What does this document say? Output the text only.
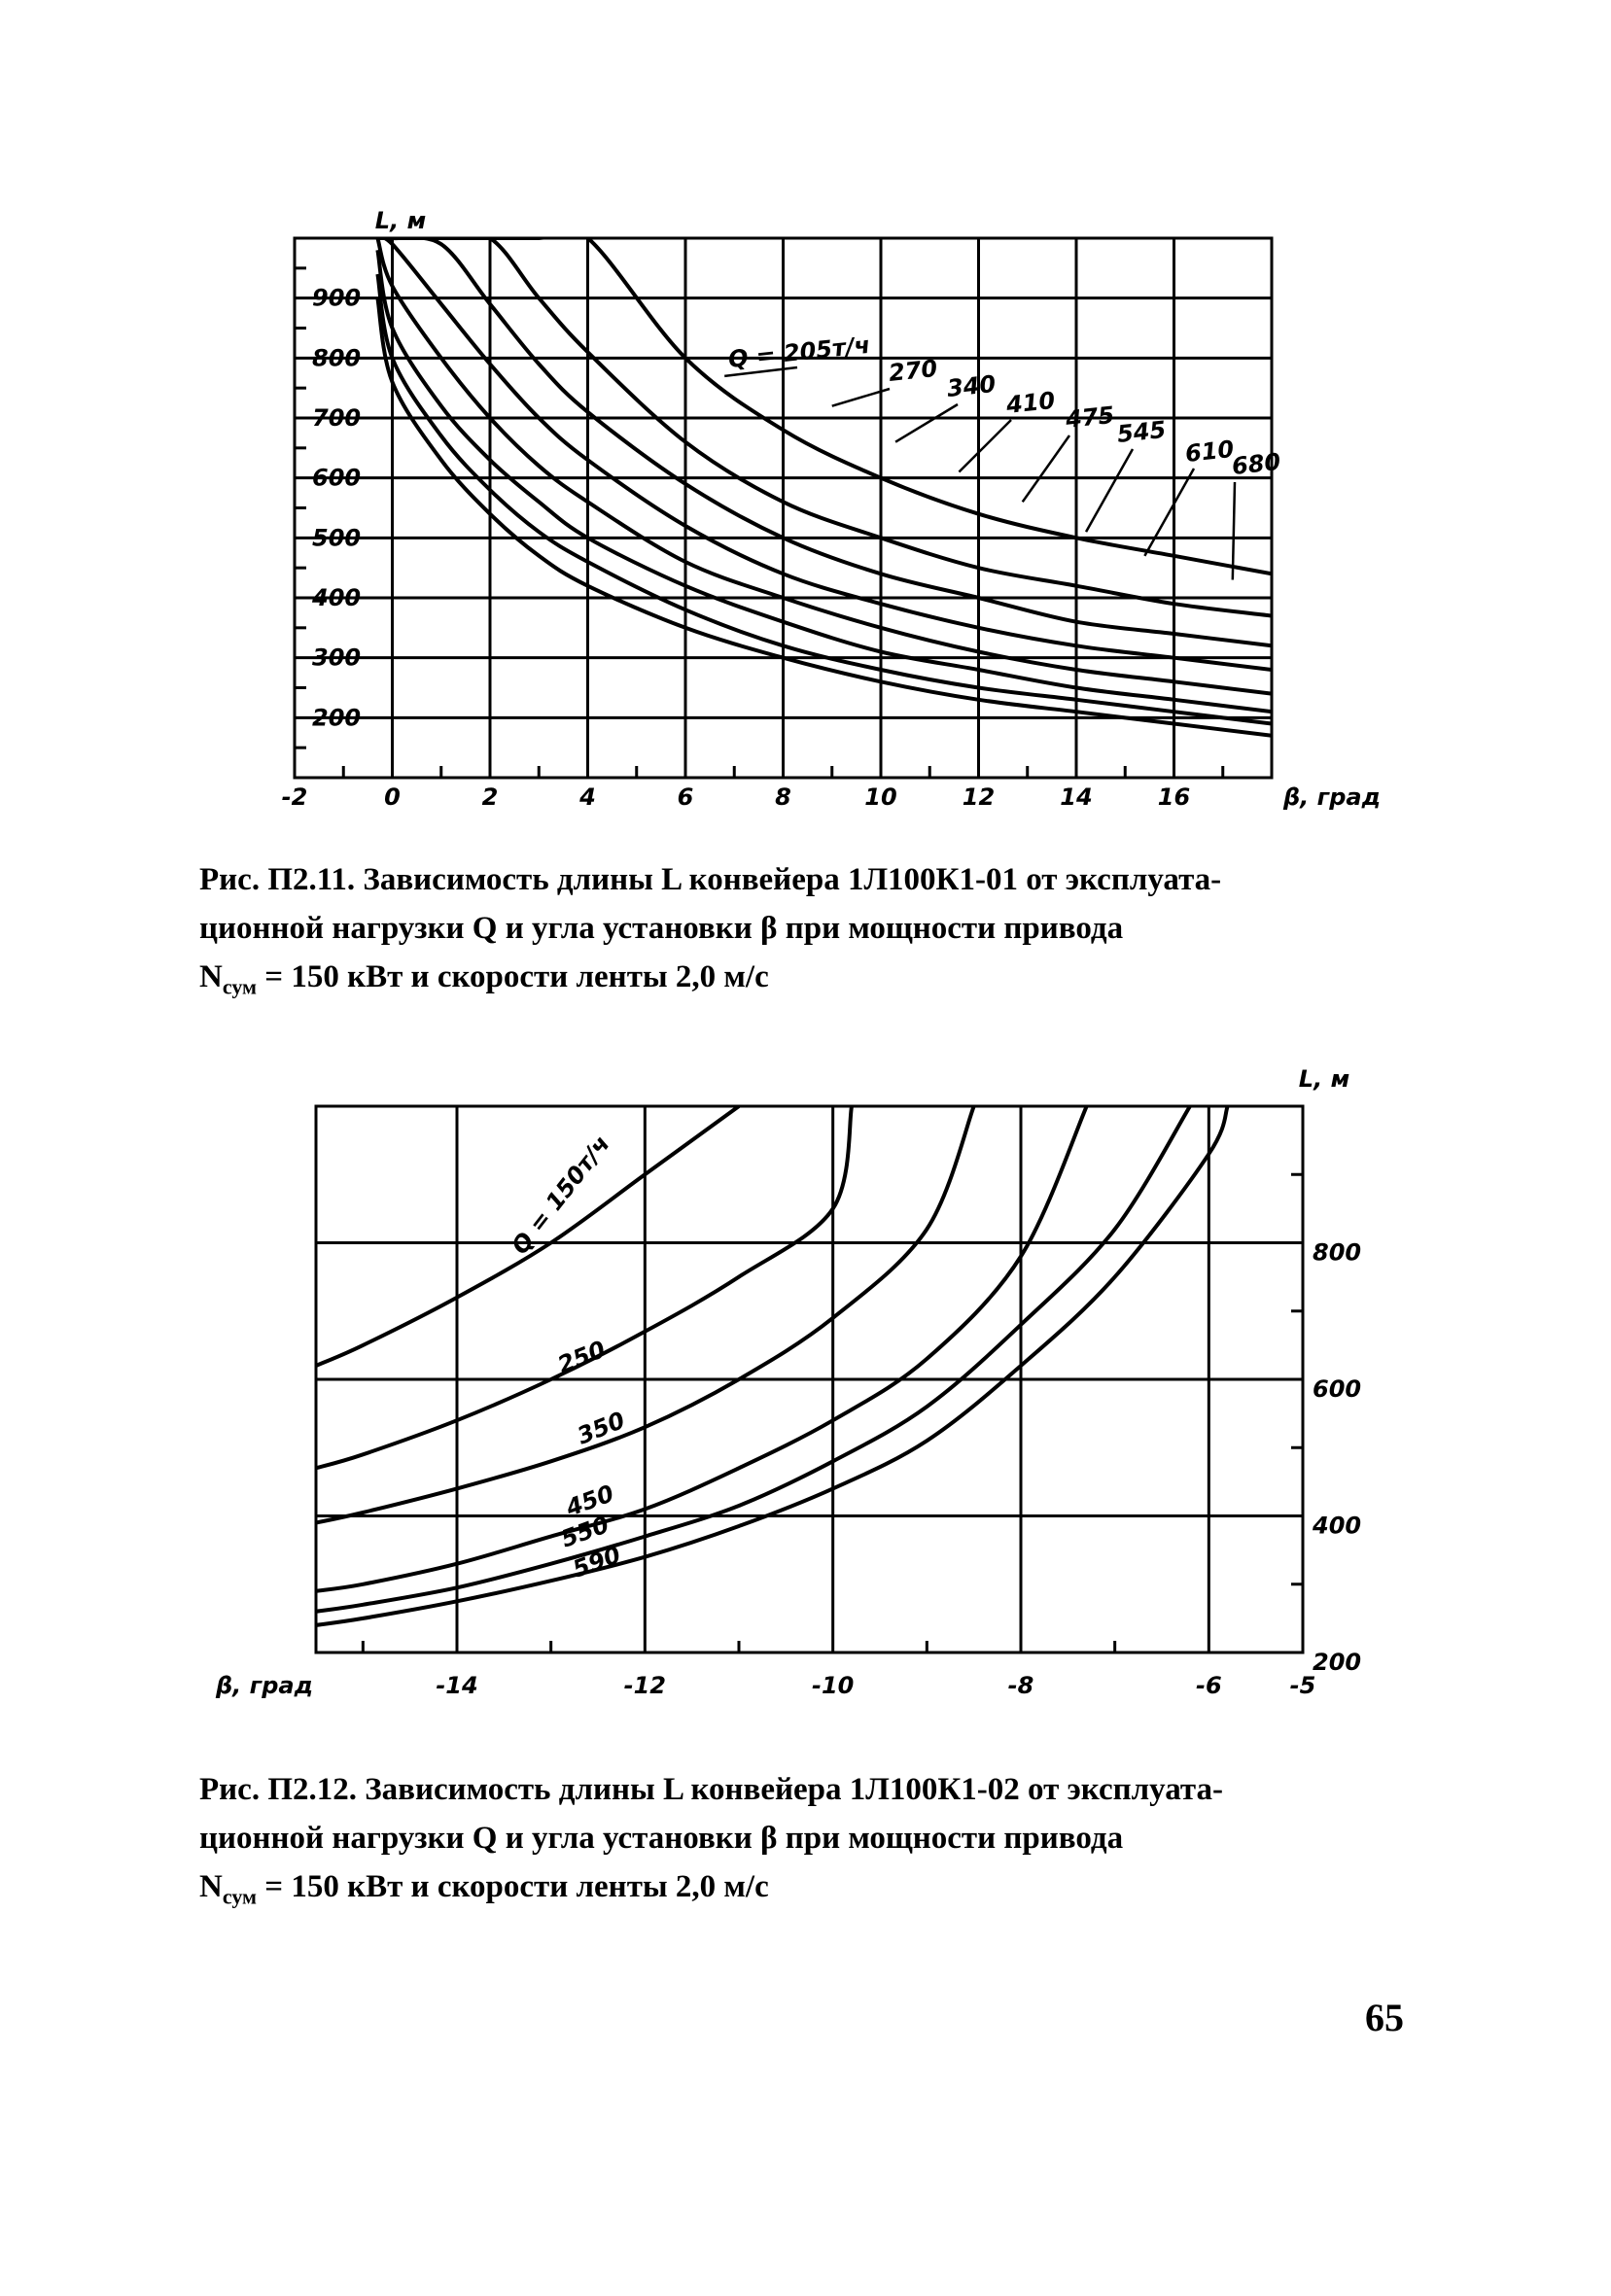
-2	0	2	4	6	8	10	12	14	16
900
800
700
600
500
400
300
200
β, град
L, м
Q = 205т/ч 270 340
410 475 545
610
680
-14	-12	-10	-8	-6	-5
800
600
400
200
β, град
L, м
Q = 150т/ч
250
350
450
550
590
Рис. П2.11. Зависимость длины L конвейера 1Л100К1-01 от эксплуата-
ционной нагрузки Q и угла установки β при мощности привода
$N_{сум} = 150$ кВт и скорости ленты 2,0 м/с
Рис. П2.12. Зависимость длины L конвейера 1Л100К1-02 от эксплуата-
ционной нагрузки Q и угла установки β при мощности привода
$N_{сум} = 150$ кВт и скорости ленты 2,0 м/с
65
